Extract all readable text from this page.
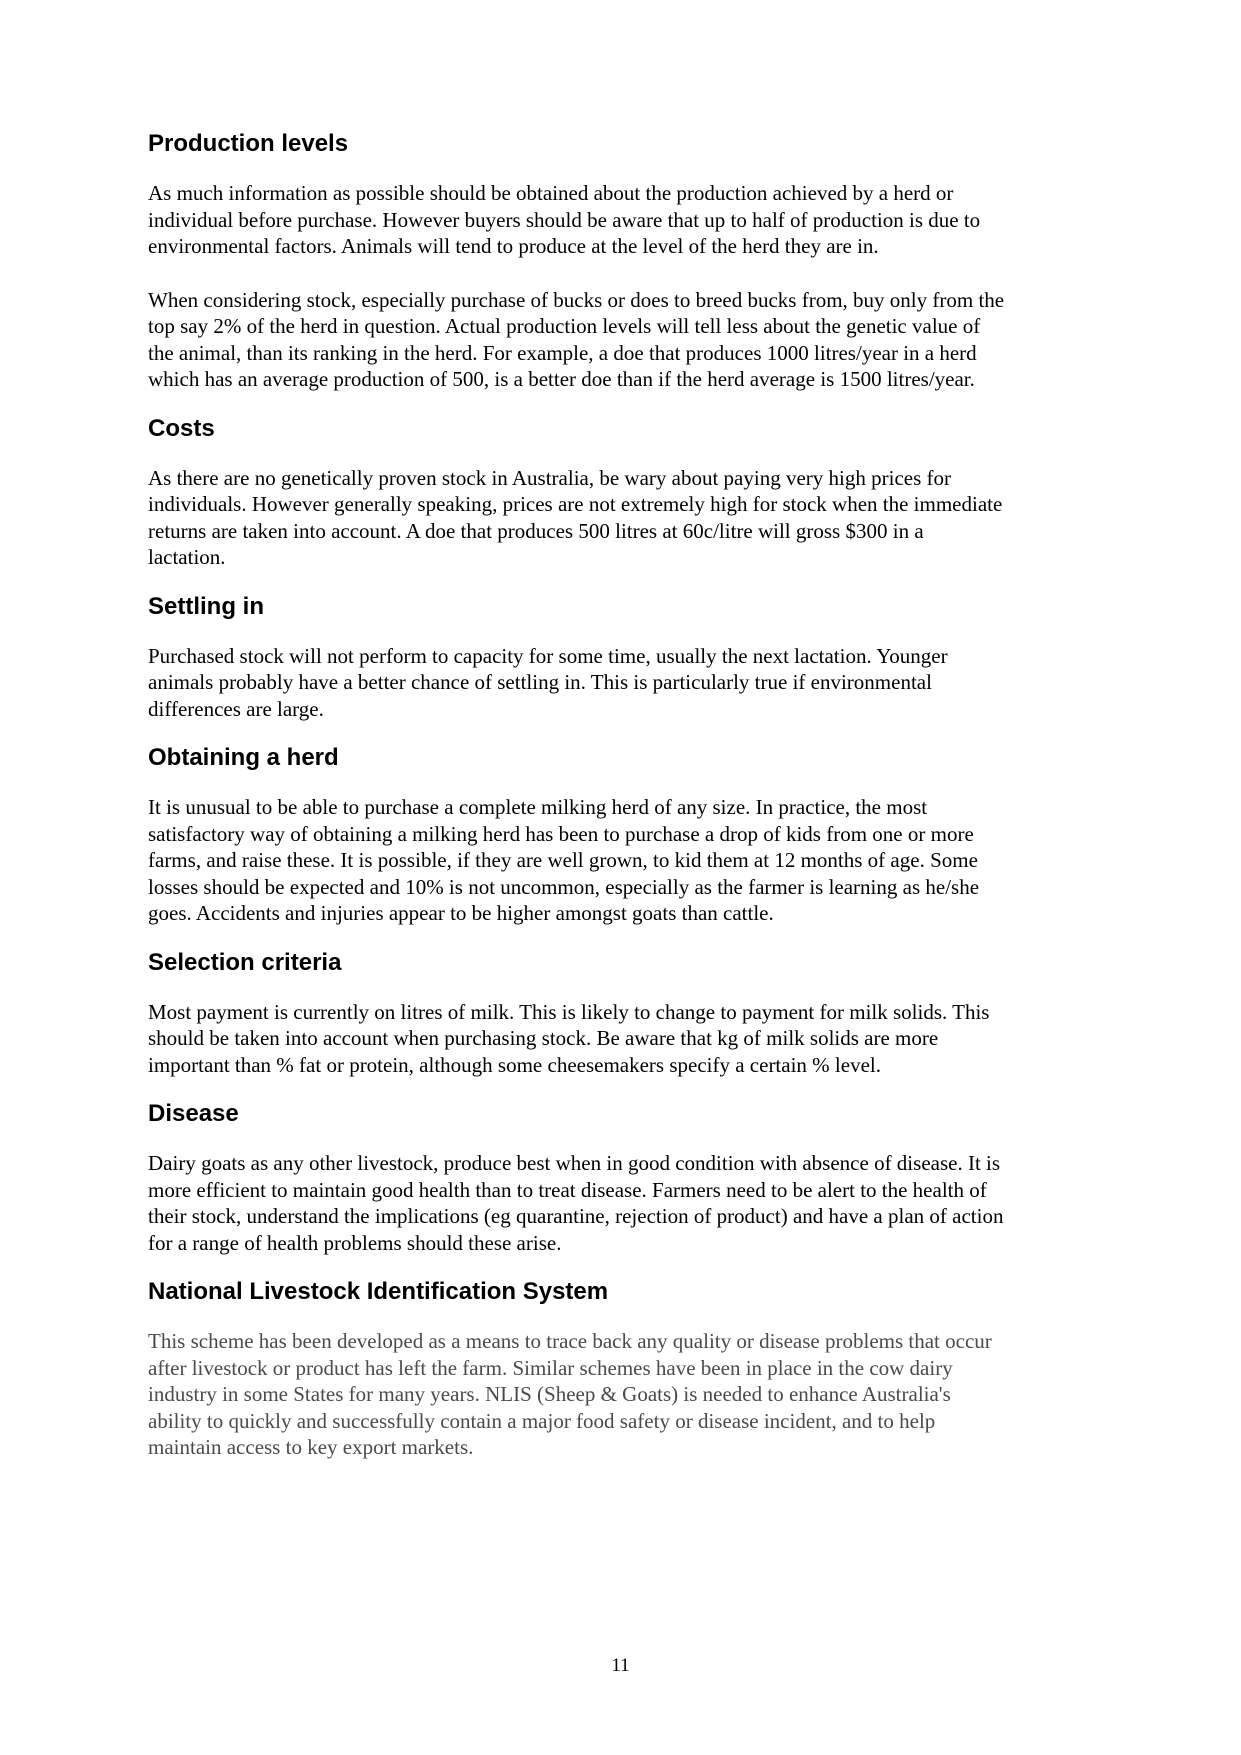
Production levels

As much information as possible should be obtained about the production achieved by a herd or
individual before purchase. However buyers should be aware that up to half of production is due to
environmental factors. Animals will tend to produce at the level of the herd they are in.

When considering stock, especially purchase of bucks or does to breed bucks from, buy only from the
top say 2% of the herd in question. Actual production levels will tell less about the genetic value of
the animal, than its ranking in the herd. For example, a doe that produces 1000 litres/year in a herd
which has an average production of 500, is a better doe than if the herd average is 1500 litres/year.

Costs

As there are no genetically proven stock in Australia, be wary about paying very high prices for
individuals. However generally speaking, prices are not extremely high for stock when the immediate
returns are taken into account. A doe that produces 500 litres at 60c/litre will gross $300 in a
lactation.

Settling in

Purchased stock will not perform to capacity for some time, usually the next lactation. Younger
animals probably have a better chance of settling in. This is particularly true if environmental
differences are large.

Obtaining a herd

It is unusual to be able to purchase a complete milking herd of any size. In practice, the most
satisfactory way of obtaining a milking herd has been to purchase a drop of kids from one or more
farms, and raise these. It is possible, if they are well grown, to kid them at 12 months of age. Some
losses should be expected and 10% is not uncommon, especially as the farmer is learning as he/she
goes. Accidents and injuries appear to be higher amongst goats than cattle.

Selection criteria

Most payment is currently on litres of milk. This is likely to change to payment for milk solids. This
should be taken into account when purchasing stock. Be aware that kg of milk solids are more
important than % fat or protein, although some cheesemakers specify a certain % level.

Disease

Dairy goats as any other livestock, produce best when in good condition with absence of disease. It is
more efficient to maintain good health than to treat disease. Farmers need to be alert to the health of
their stock, understand the implications (eg quarantine, rejection of product) and have a plan of action
for a range of health problems should these arise.

National Livestock Identification System

This scheme has been developed as a means to trace back any quality or disease problems that occur
after livestock or product has left the farm. Similar schemes have been in place in the cow dairy
industry in some States for many years. NLIS (Sheep & Goats) is needed to enhance Australia's
ability to quickly and successfully contain a major food safety or disease incident, and to help
maintain access to key export markets.

11
